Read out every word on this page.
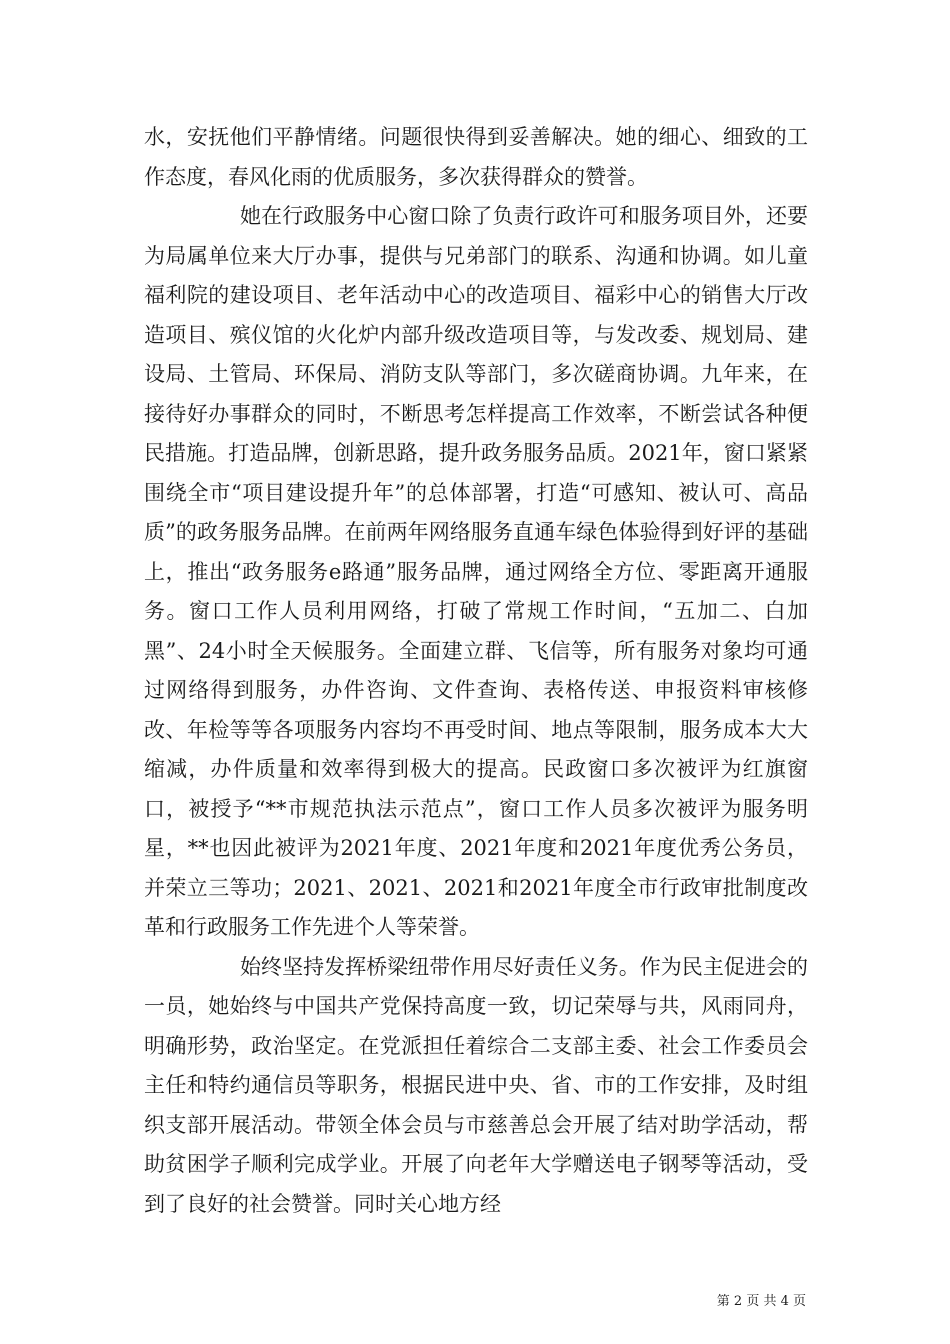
水，安抚他们平静情绪。问题很快得到妥善解决。她的细心、细致的工作态度，春风化雨的优质服务，多次获得群众的赞誉。

她在行政服务中心窗口除了负责行政许可和服务项目外，还要为局属单位来大厅办事，提供与兄弟部门的联系、沟通和协调。如儿童福利院的建设项目、老年活动中心的改造项目、福彩中心的销售大厅改造项目、殡仪馆的火化炉内部升级改造项目等，与发改委、规划局、建设局、土管局、环保局、消防支队等部门，多次磋商协调。九年来，在接待好办事群众的同时，不断思考怎样提高工作效率，不断尝试各种便民措施。打造品牌，创新思路，提升政务服务品质。2021年，窗口紧紧围绕全市“项目建设提升年”的总体部署，打造“可感知、被认可、高品质”的政务服务品牌。在前两年网络服务直通车绿色体验得到好评的基础上，推出“政务服务e路通”服务品牌，通过网络全方位、零距离开通服务。窗口工作人员利用网络，打破了常规工作时间，“五加二、白加黑”、24小时全天候服务。全面建立群、飞信等，所有服务对象均可通过网络得到服务，办件咨询、文件查询、表格传送、申报资料审核修改、年检等等各项服务内容均不再受时间、地点等限制，服务成本大大缩减，办件质量和效率得到极大的提高。民政窗口多次被评为红旗窗口，被授予“**市规范执法示范点”，窗口工作人员多次被评为服务明星，**也因此被评为2021年度、2021年度和2021年度优秀公务员，并荣立三等功；2021、2021、2021和2021年度全市行政审批制度改革和行政服务工作先进个人等荣誉。

始终坚持发挥桥梁纽带作用尽好责任义务。作为民主促进会的一员，她始终与中国共产党保持高度一致，切记荣辱与共，风雨同舟，明确形势，政治坚定。在党派担任着综合二支部主委、社会工作委员会主任和特约通信员等职务，根据民进中央、省、市的工作安排，及时组织支部开展活动。带领全体会员与市慈善总会开展了结对助学活动，帮助贫困学子顺利完成学业。开展了向老年大学赠送电子钢琴等活动，受到了良好的社会赞誉。同时关心地方经

第 2 页 共 4 页
